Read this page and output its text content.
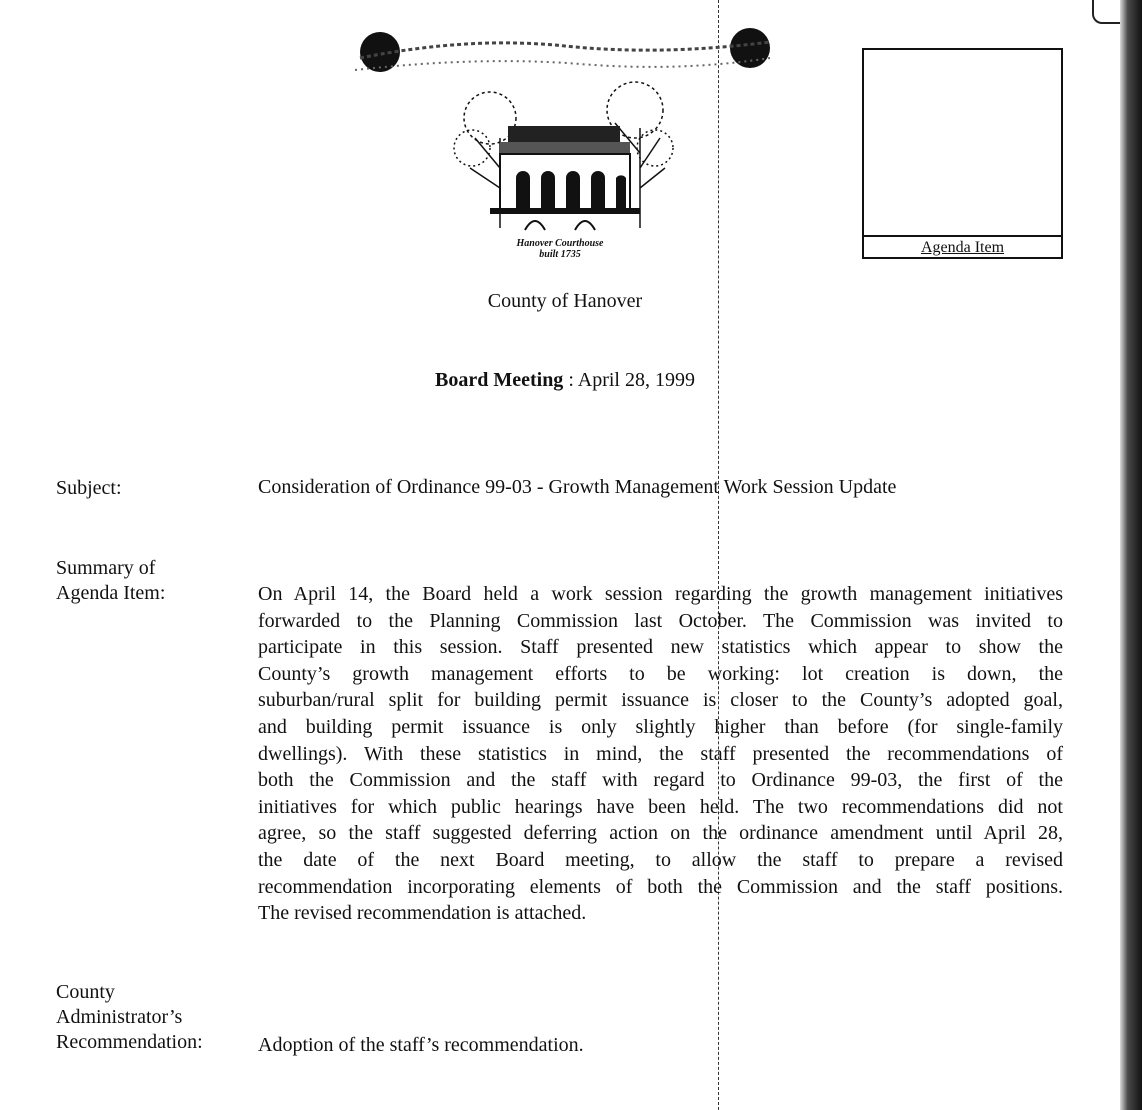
Hanover Courthouse
built 1735	Agenda Item
County of Hanover
Board Meeting : April 28, 1999
Subject:	Consideration of Ordinance 99-03 - Growth Management Work Session Update
Summary of
Agenda Item:	On April 14, the Board held a work session regarding the growth management initiatives
forwarded to the Planning Commission last October. The Commission was invited to
participate in this session. Staff presented new statistics which appear to show the
County’s growth management efforts to be working: lot creation is down, the
suburban/rural split for building permit issuance is closer to the County’s adopted goal,
and building permit issuance is only slightly higher than before (for single-family
dwellings). With these statistics in mind, the staff presented the recommendations of
both the Commission and the staff with regard to Ordinance 99-03, the first of the
initiatives for which public hearings have been held. The two recommendations did not
agree, so the staff suggested deferring action on the ordinance amendment until April 28,
the date of the next Board meeting, to allow the staff to prepare a revised
recommendation incorporating elements of both the Commission and the staff positions.
The revised recommendation is attached.
County
Administrator’s
Recommendation:	Adoption of the staff’s recommendation.
